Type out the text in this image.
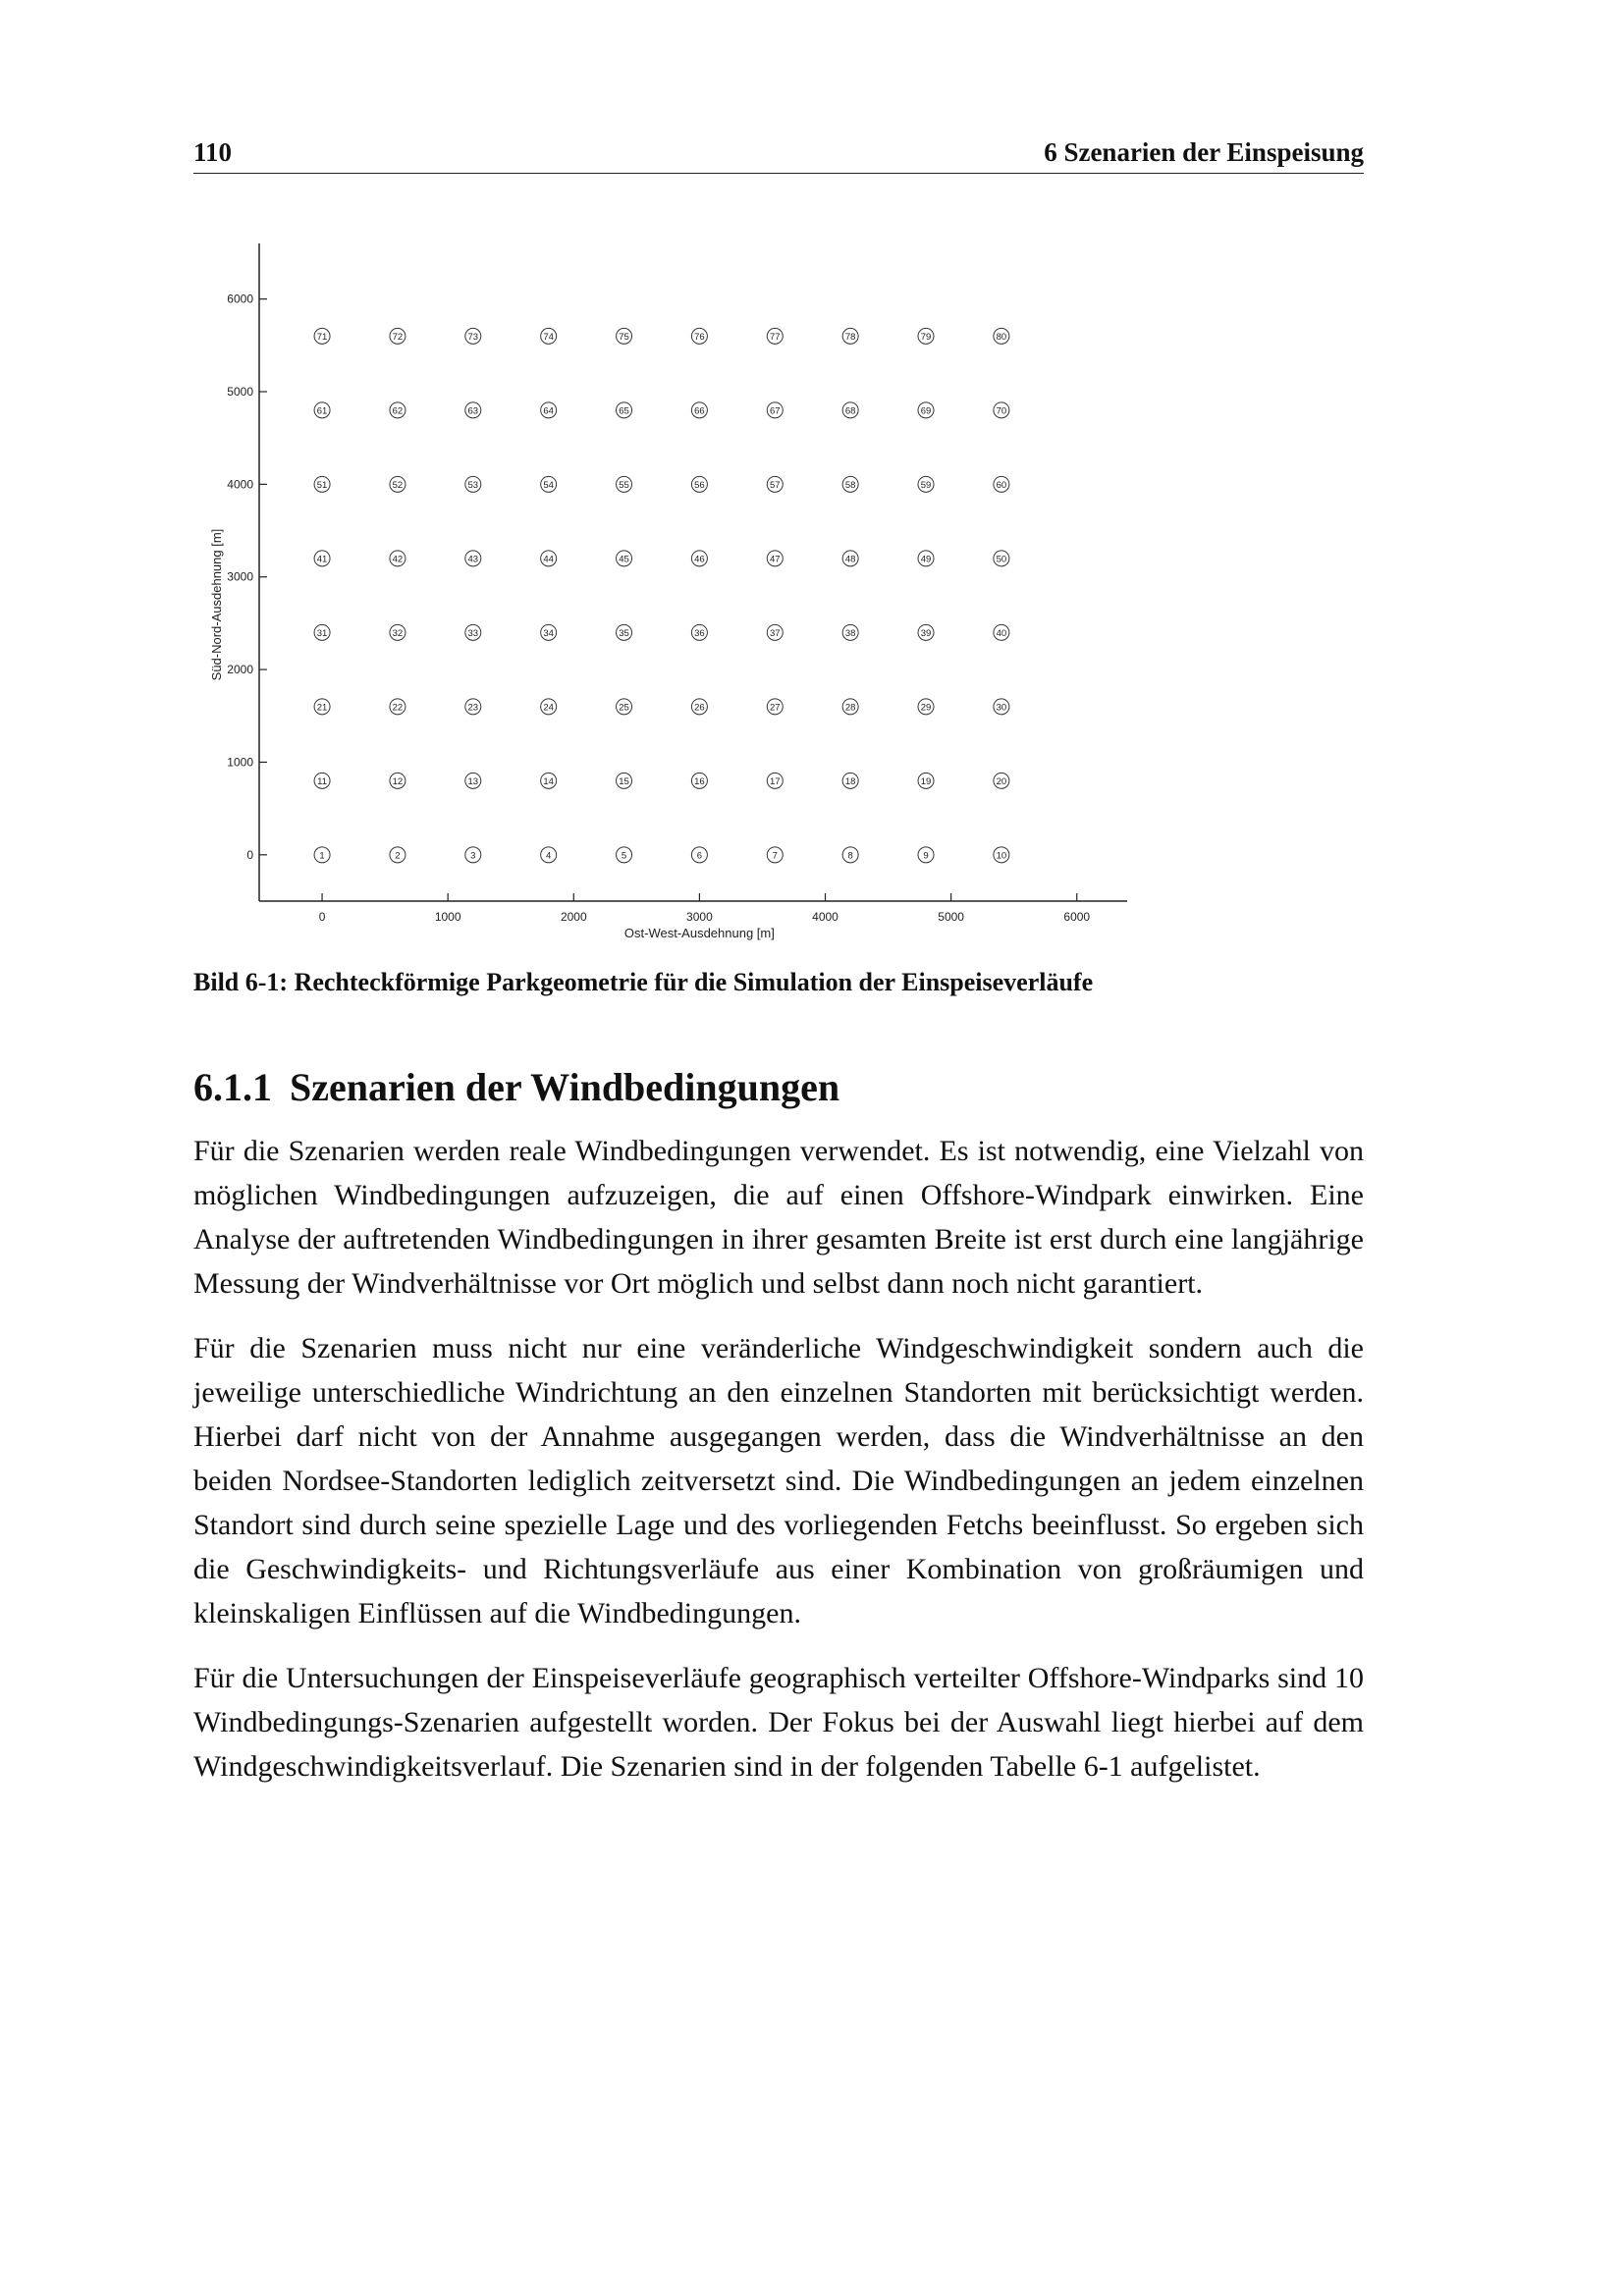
110	6 Szenarien der Einspeisung
0	1000	2000	3000	4000	5000	6000
0
1000
2000
3000
4000
5000
6000
Ost-West-Ausdehnung [m]
Süd-Nord-Ausdehnung [m]
1	2	3	4	5	6	7	8	9	10
11	12	13	14	15	16	17	18	19	20
21	22	23	24	25	26	27	28	29	30
31	32	33	34	35	36	37	38	39	40
41	42	43	44	45	46	47	48	49	50
51	52	53	54	55	56	57	58	59	60
61	62	63	64	65	66	67	68	69	70
71	72	73	74	75	76	77	78	79	80
Bild 6-1: Rechteckförmige Parkgeometrie für die Simulation der Einspeiseverläufe
6.1.1 Szenarien der Windbedingungen

Für die Szenarien werden reale Windbedingungen verwendet. Es ist notwendig, eine Vielzahl von möglichen Windbedingungen aufzuzeigen, die auf einen Offshore-Windpark einwirken. Eine Analyse der auftretenden Windbedingungen in ihrer gesamten Breite ist erst durch eine langjährige Messung der Windverhältnisse vor Ort möglich und selbst dann noch nicht garantiert.

Für die Szenarien muss nicht nur eine veränderliche Windgeschwindigkeit sondern auch die jeweilige unterschiedliche Windrichtung an den einzelnen Standorten mit berücksichtigt werden. Hierbei darf nicht von der Annahme ausgegangen werden, dass die Windverhältnisse an den beiden Nordsee-Standorten lediglich zeitversetzt sind. Die Windbedingungen an jedem einzelnen Standort sind durch seine spezielle Lage und des vorliegenden Fetchs beeinflusst. So ergeben sich die Geschwindigkeits- und Richtungsverläufe aus einer Kombination von großräumigen und kleinskaligen Einflüssen auf die Windbedingungen.

Für die Untersuchungen der Einspeiseverläufe geographisch verteilter Offshore-Windparks sind 10 Windbedingungs-Szenarien aufgestellt worden. Der Fokus bei der Auswahl liegt hierbei auf dem Windgeschwindigkeitsverlauf. Die Szenarien sind in der folgenden Tabelle 6-1 aufgelistet.
